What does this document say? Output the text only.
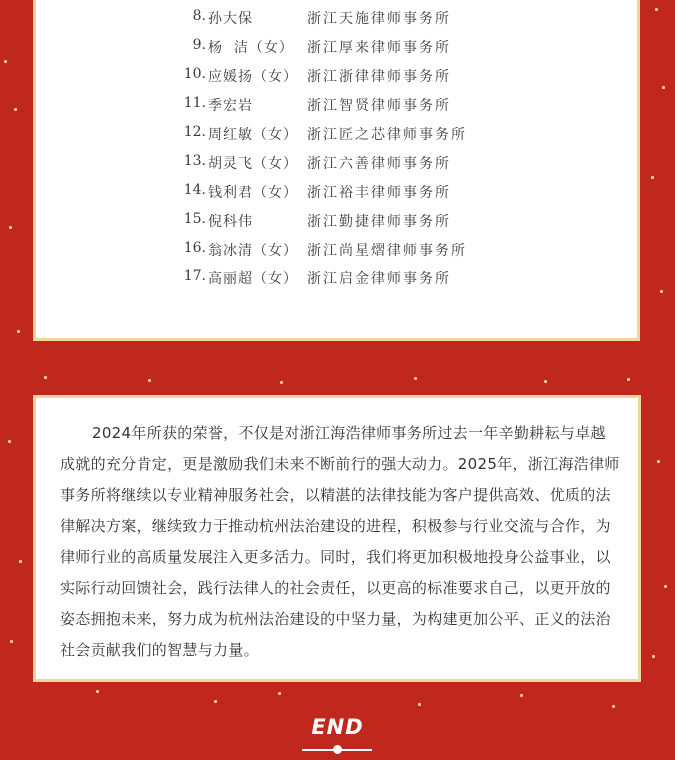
8. 孙大保	浙江天施律师事务所
9. 杨  洁（女） 浙江厚来律师事务所
10. 应媛扬（女） 浙江浙律律师事务所
11. 季宏岩	浙江智贤律师事务所
12. 周红敏（女） 浙江匠之芯律师事务所
13. 胡灵飞（女） 浙江六善律师事务所
14. 钱利君（女） 浙江裕丰律师事务所
15. 倪科伟	浙江勤捷律师事务所
16. 翁冰清（女） 浙江尚星熠律师事务所
17. 高丽超（女） 浙江启金律师事务所

2024年所获的荣誉，不仅是对浙江海浩律师事务所过去一年辛勤耕耘与卓越成就的充分肯定，更是激励我们未来不断前行的强大动力。2025年，浙江海浩律师事务所将继续以专业精神服务社会，以精湛的法律技能为客户提供高效、优质的法律解决方案，继续致力于推动杭州法治建设的进程，积极参与行业交流与合作，为律师行业的高质量发展注入更多活力。同时，我们将更加积极地投身公益事业，以实际行动回馈社会，践行法律人的社会责任，以更高的标准要求自己，以更开放的姿态拥抱未来，努力成为杭州法治建设的中坚力量，为构建更加公平、正义的法治社会贡献我们的智慧与力量。

END
